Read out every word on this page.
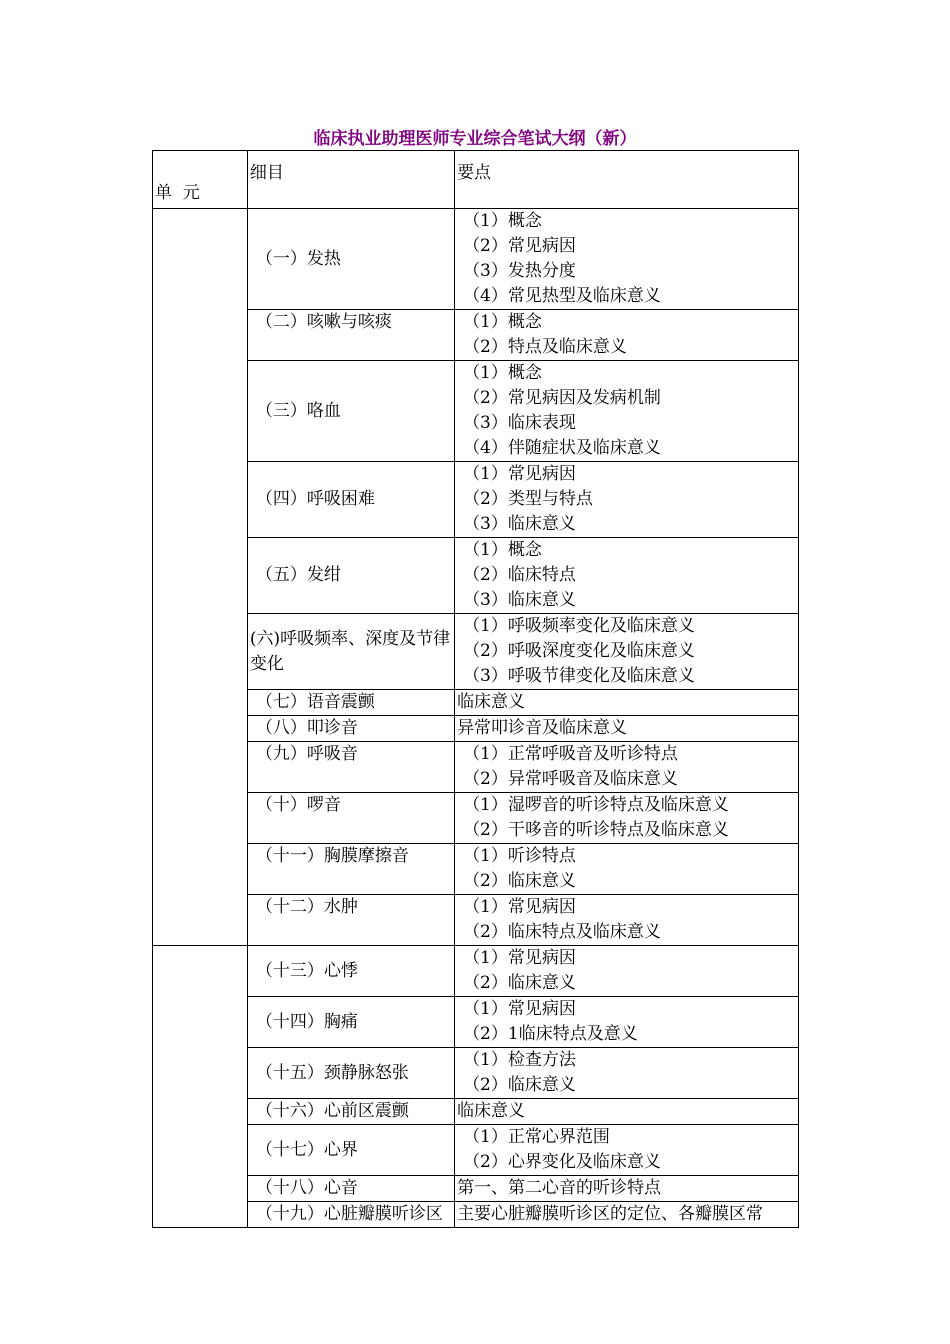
临床执业助理医师专业综合笔试大纲（新）
单  元	细目	要点
	（一）发热	（1）概念
（2）常见病因
（3）发热分度
（4）常见热型及临床意义

	（二）咳嗽与咳痰	（1）概念
（2）特点及临床意义

	（三）咯血	（1）概念
（2）常见病因及发病机制
（3）临床表现
（4）伴随症状及临床意义

	（四）呼吸困难	（1）常见病因
（2）类型与特点
（3）临床意义

	（五）发绀	（1）概念
（2）临床特点
（3）临床意义

	(六)呼吸频率、深度及节律变化	（1）呼吸频率变化及临床意义
（2）呼吸深度变化及临床意义
（3）呼吸节律变化及临床意义

	（七）语音震颤	临床意义

	（八）叩诊音	异常叩诊音及临床意义

	（九）呼吸音	（1）正常呼吸音及听诊特点
（2）异常呼吸音及临床意义

	（十）啰音	（1）湿啰音的听诊特点及临床意义
（2）干哆音的听诊特点及临床意义

	（十一）胸膜摩擦音	（1）听诊特点
（2）临床意义

	（十二）水肿	（1）常见病因
（2）临床特点及临床意义

	（十三）心悸	（1）常见病因
（2）临床意义

	（十四）胸痛	（1）常见病因
（2）1临床特点及意义

	（十五）颈静脉怒张	（1）检查方法
（2）临床意义

	（十六）心前区震颤	临床意义

	（十七）心界	（1）正常心界范围
（2）心界变化及临床意义

	（十八）心音	第一、第二心音的听诊特点

	（十九）心脏瓣膜听诊区	主要心脏瓣膜听诊区的定位、各瓣膜区常
